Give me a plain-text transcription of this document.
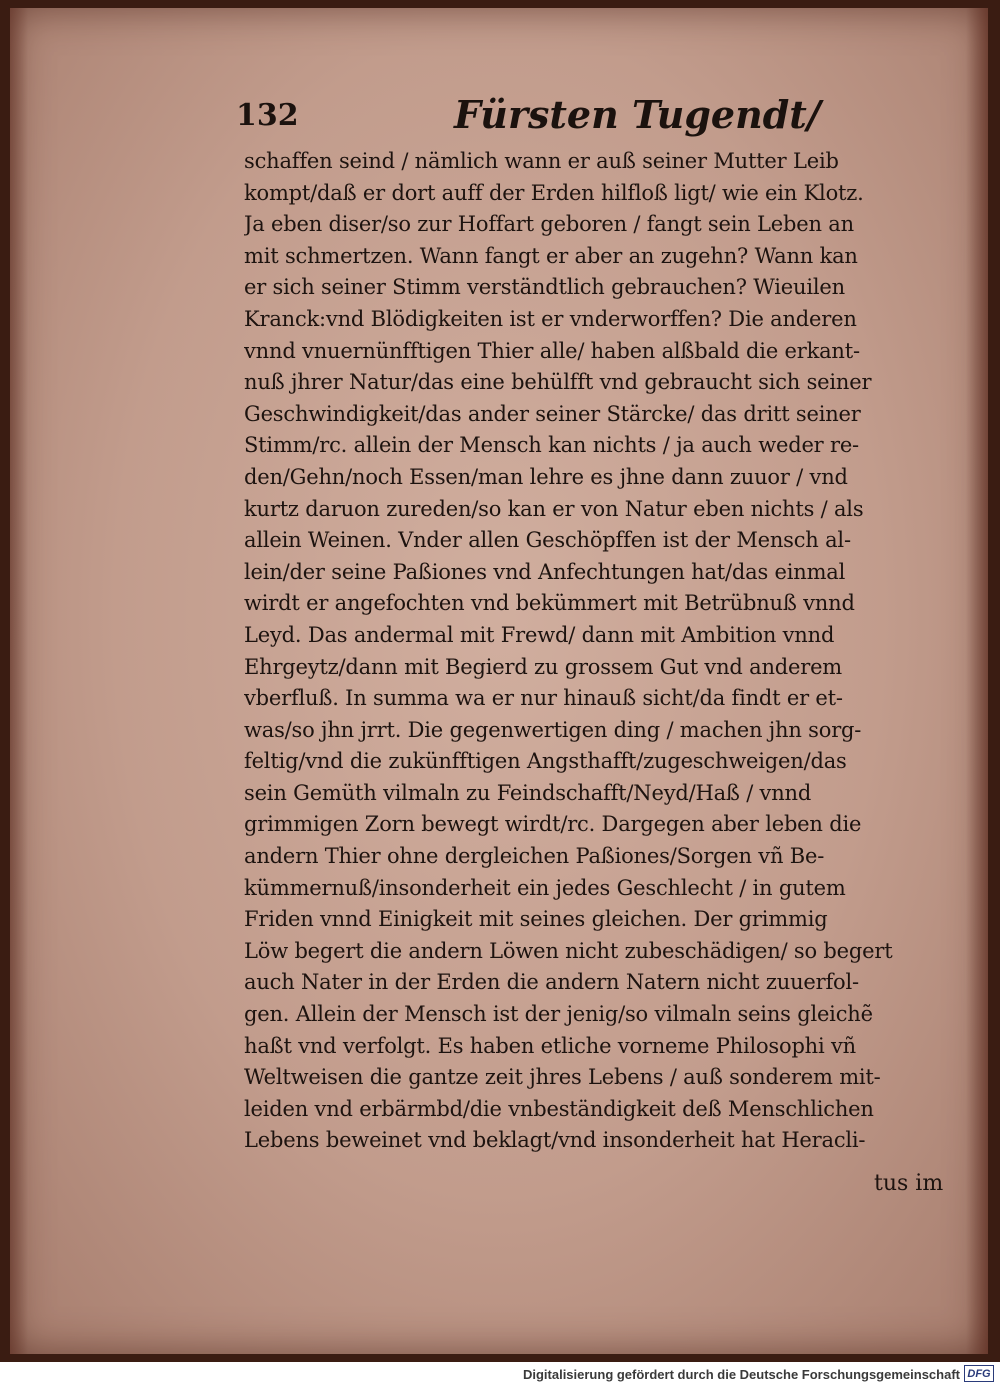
132	Fürsten Tugendt/
schaffen seind / nämlich wann er auß seiner Mutter Leib
kompt/daß er dort auff der Erden hilfloß ligt/ wie ein Klotz.
Ja eben diser/so zur Hoffart geboren / fangt sein Leben an
mit schmertzen. Wann fangt er aber an zugehn? Wann kan
er sich seiner Stimm verständtlich gebrauchen? Wieuilen
Kranck:vnd Blödigkeiten ist er vnderworffen? Die anderen
vnnd vnuernünfftigen Thier alle/ haben alßbald die erkant-
nuß jhrer Natur/das eine behülfft vnd gebraucht sich seiner
Geschwindigkeit/das ander seiner Stärcke/ das dritt seiner
Stimm/rc. allein der Mensch kan nichts / ja auch weder re-
den/Gehn/noch Essen/man lehre es jhne dann zuuor / vnd
kurtz daruon zureden/so kan er von Natur eben nichts / als
allein Weinen. Vnder allen Geschöpffen ist der Mensch al-
lein/der seine Paßiones vnd Anfechtungen hat/das einmal
wirdt er angefochten vnd bekümmert mit Betrübnuß vnnd
Leyd. Das andermal mit Frewd/ dann mit Ambition vnnd
Ehrgeytz/dann mit Begierd zu grossem Gut vnd anderem
vberfluß. In summa wa er nur hinauß sicht/da findt er et-
was/so jhn jrrt. Die gegenwertigen ding / machen jhn sorg-
feltig/vnd die zukünfftigen Angsthafft/zugeschweigen/das
sein Gemüth vilmaln zu Feindschafft/Neyd/Haß / vnnd
grimmigen Zorn bewegt wirdt/rc. Dargegen aber leben die
andern Thier ohne dergleichen Paßiones/Sorgen vñ Be-
kümmernuß/insonderheit ein jedes Geschlecht / in gutem
Friden vnnd Einigkeit mit seines gleichen. Der grimmig
Löw begert die andern Löwen nicht zubeschädigen/ so begert
auch Nater in der Erden die andern Natern nicht zuuerfol-
gen. Allein der Mensch ist der jenig/so vilmaln seins gleichẽ
haßt vnd verfolgt. Es haben etliche vorneme Philosophi vñ
Weltweisen die gantze zeit jhres Lebens / auß sonderem mit-
leiden vnd erbärmbd/die vnbeständigkeit deß Menschlichen
Lebens beweinet vnd beklagt/vnd insonderheit hat Heracli-
tus im
Digitalisierung gefördert durch die Deutsche Forschungsgemeinschaft DFG
